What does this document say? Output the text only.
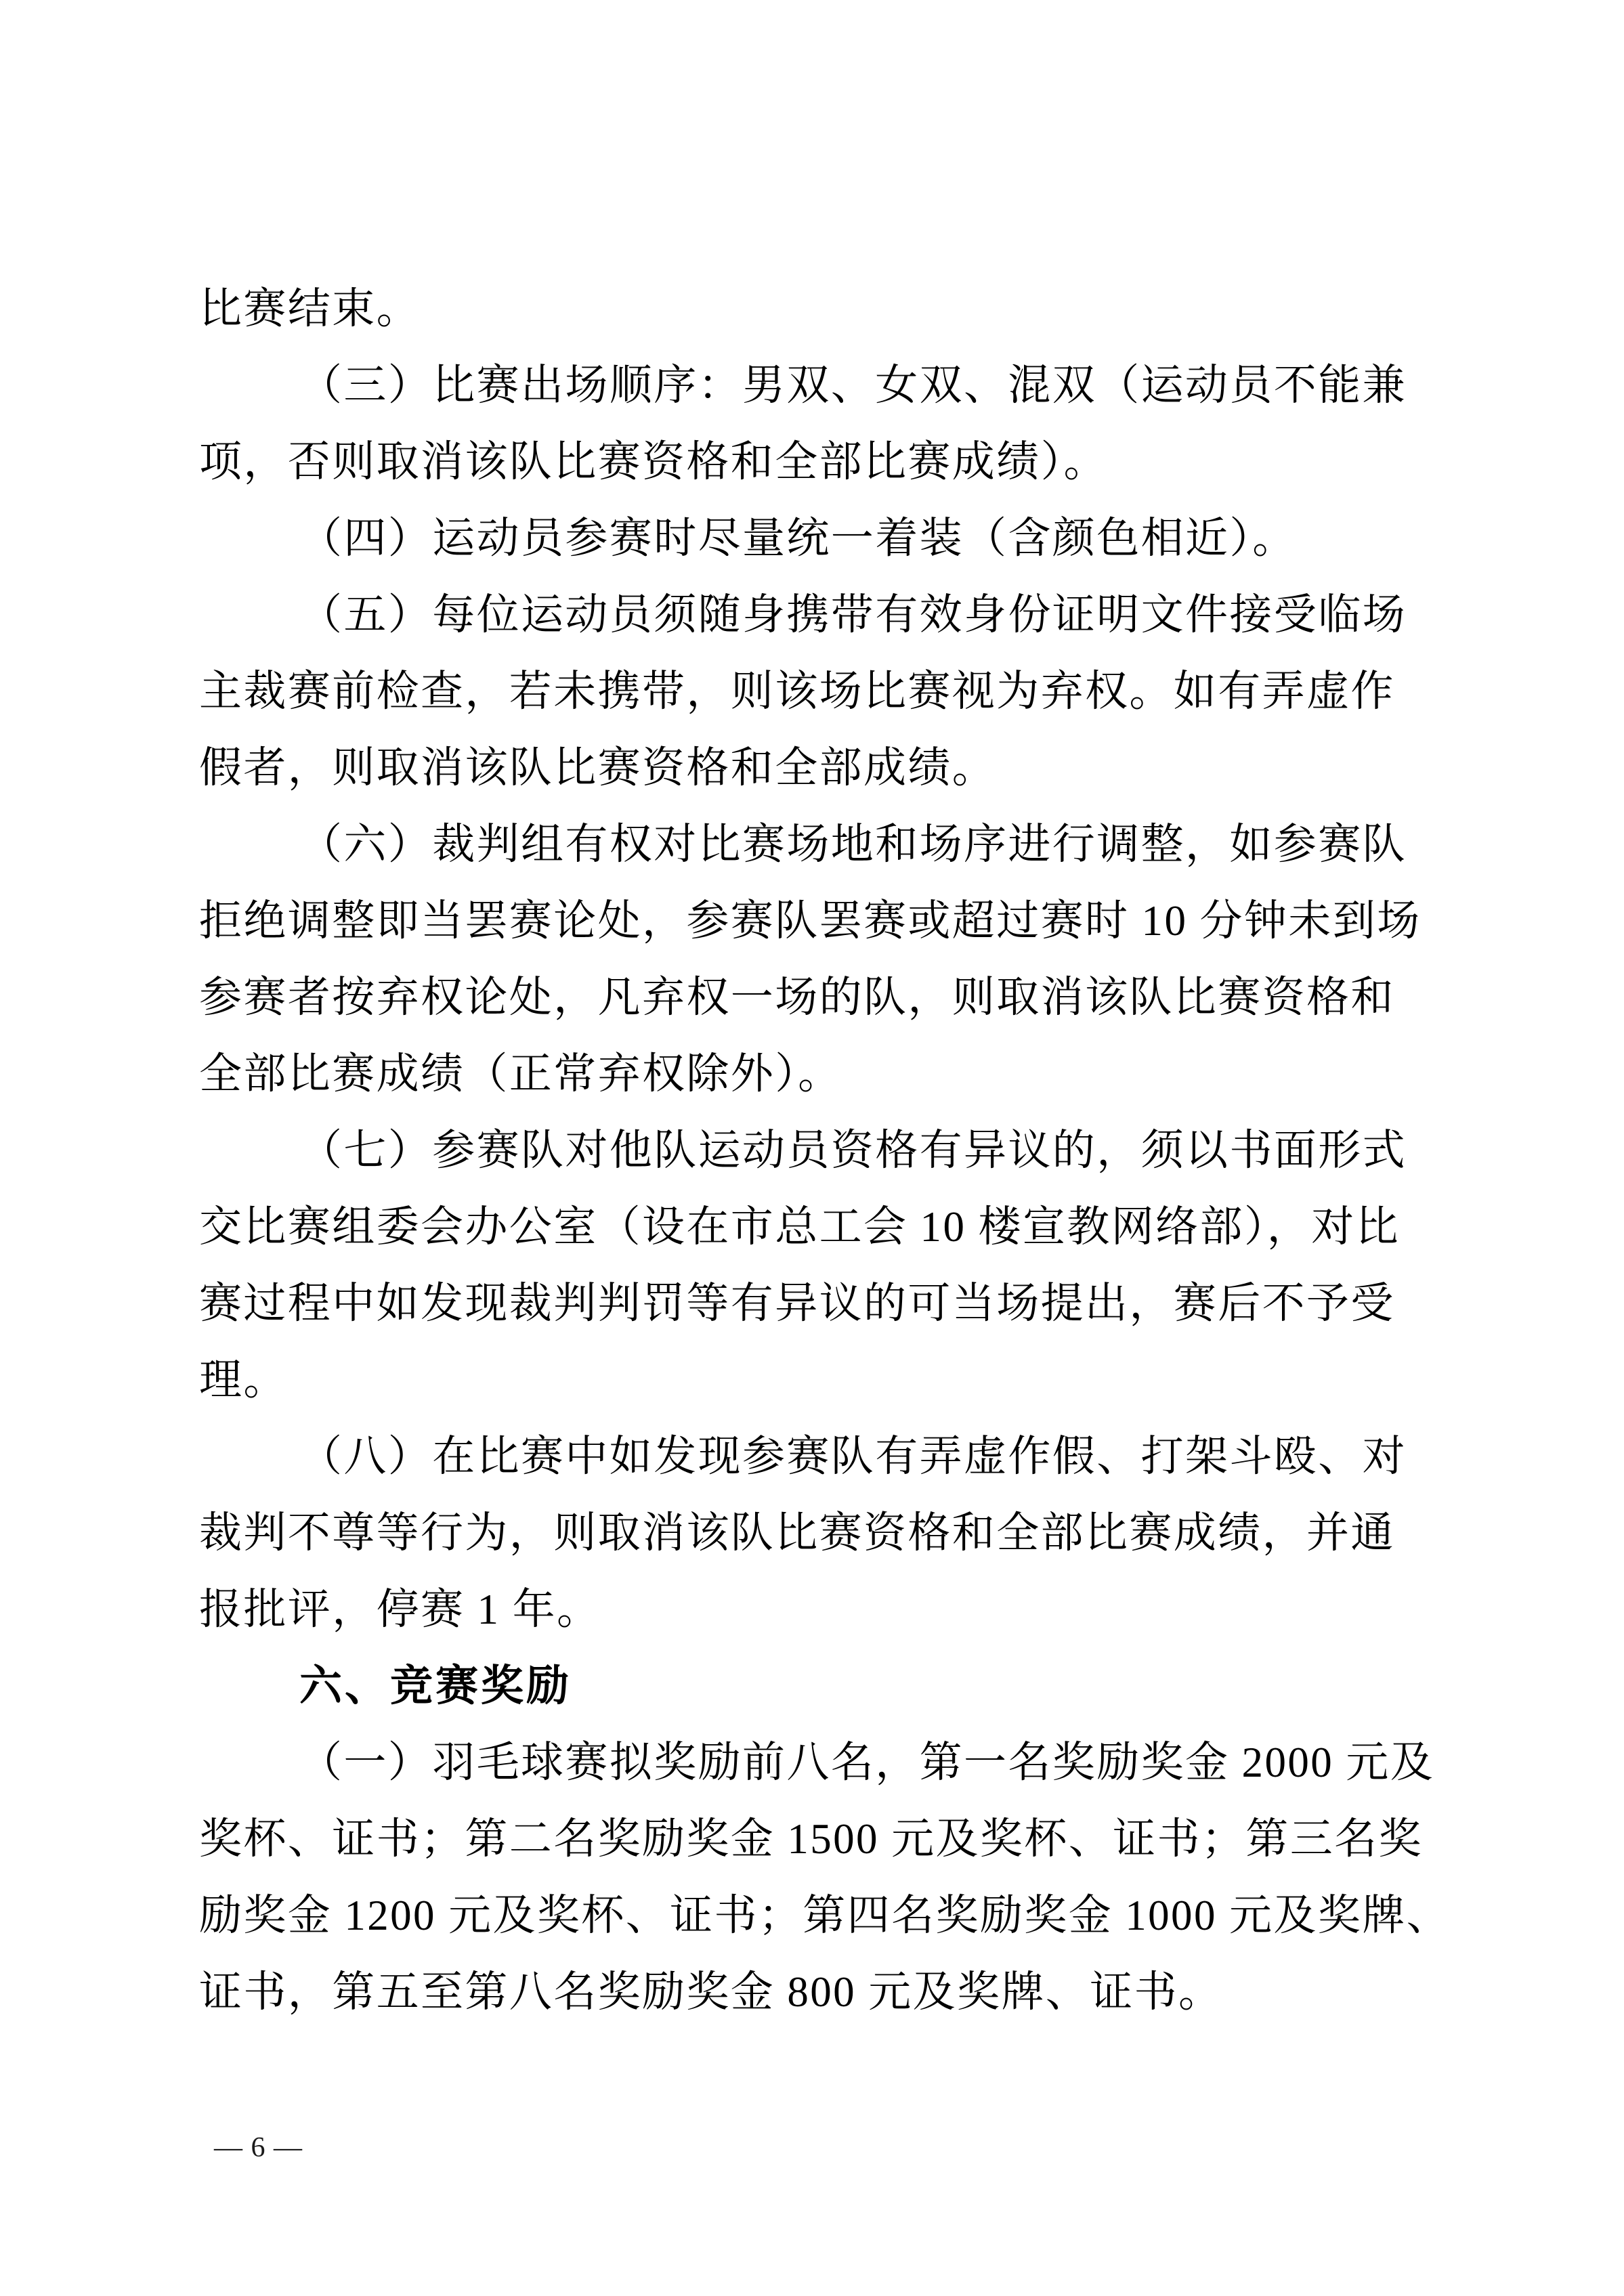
比赛结束。
（三）比赛出场顺序：男双、女双、混双（运动员不能兼
项，否则取消该队比赛资格和全部比赛成绩）。
（四）运动员参赛时尽量统一着装（含颜色相近）。
（五）每位运动员须随身携带有效身份证明文件接受临场
主裁赛前检查，若未携带，则该场比赛视为弃权。如有弄虚作
假者，则取消该队比赛资格和全部成绩。
（六）裁判组有权对比赛场地和场序进行调整，如参赛队
拒绝调整即当罢赛论处，参赛队罢赛或超过赛时 10 分钟未到场
参赛者按弃权论处，凡弃权一场的队，则取消该队比赛资格和
全部比赛成绩（正常弃权除外）。
（七）参赛队对他队运动员资格有异议的，须以书面形式
交比赛组委会办公室（设在市总工会 10 楼宣教网络部），对比
赛过程中如发现裁判判罚等有异议的可当场提出，赛后不予受
理。
（八）在比赛中如发现参赛队有弄虚作假、打架斗殴、对
裁判不尊等行为，则取消该队比赛资格和全部比赛成绩，并通
报批评，停赛 1 年。
六、竞赛奖励
（一）羽毛球赛拟奖励前八名，第一名奖励奖金 2000 元及
奖杯、证书；第二名奖励奖金 1500 元及奖杯、证书；第三名奖
励奖金 1200 元及奖杯、证书；第四名奖励奖金 1000 元及奖牌、
证书，第五至第八名奖励奖金 800 元及奖牌、证书。
— 6 —
